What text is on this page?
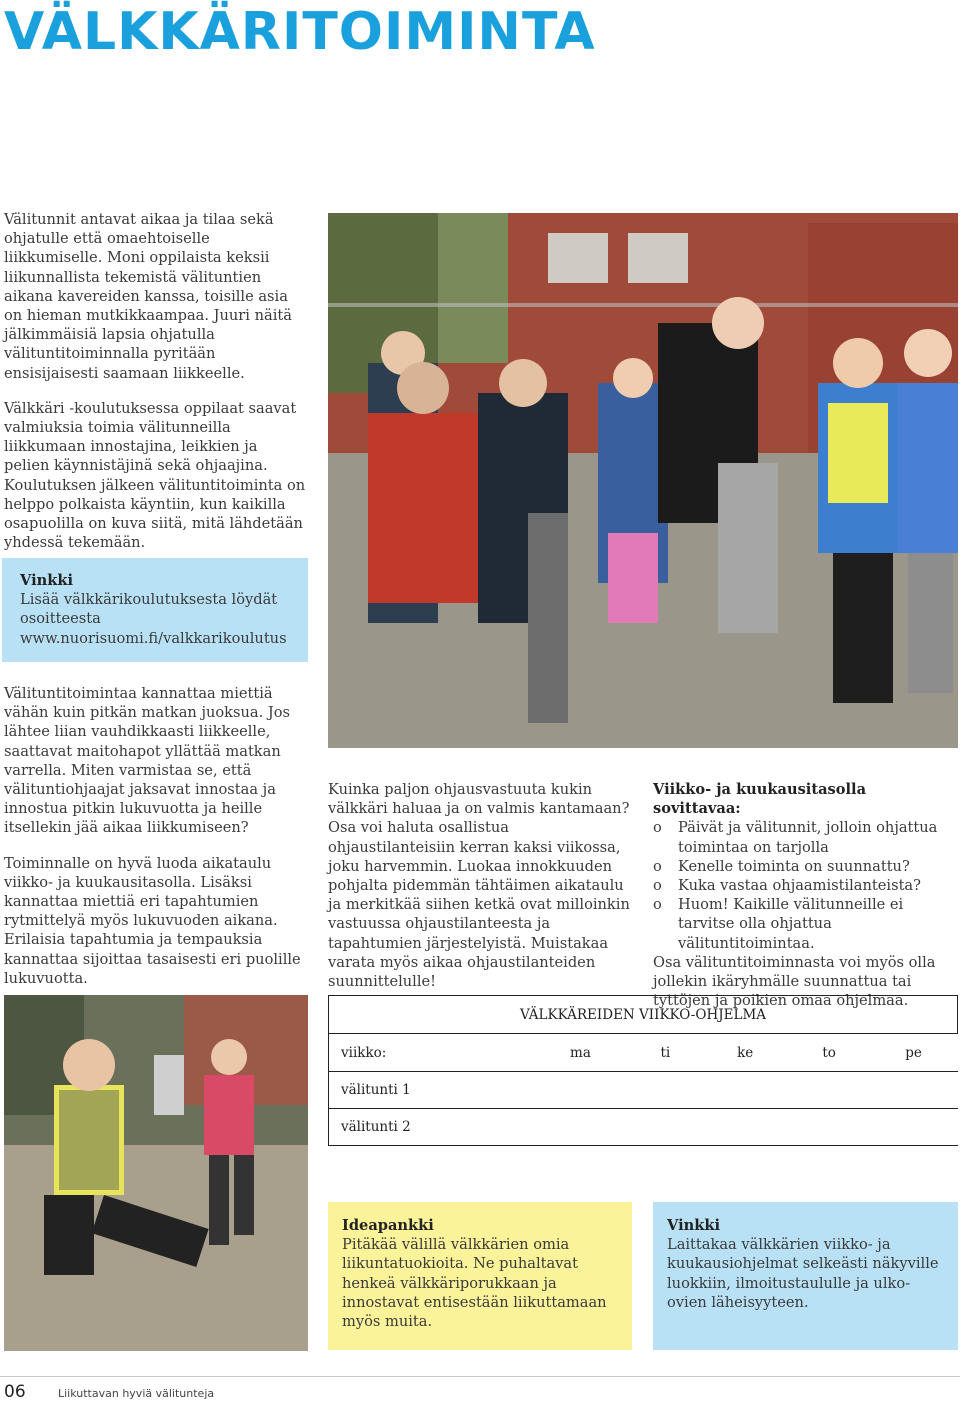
VÄLKKÄRITOIMINTA

Välitunnit antavat aikaa ja tilaa sekä ohjatulle että omaehtoiselle liikkumiselle. Moni oppilaista keksii liikunnallista tekemistä välituntien aikana kavereiden kanssa, toisille asia on hieman mutkikkaampaa. Juuri näitä jälkimmäisiä lapsia ohjatulla välituntitoiminnalla pyritään ensisijaisesti saamaan liikkeelle.

Välkkäri -koulutuksessa oppilaat saavat valmiuksia toimia välitunneilla liikkumaan innostajina, leikkien ja pelien käynnistäjinä sekä ohjaajina. Koulutuksen jälkeen välituntitoiminta on helppo polkaista käyntiin, kun kaikilla osapuolilla on kuva siitä, mitä lähdetään yhdessä tekemään.

Vinkki
Lisää välkkärikoulutuksesta löydät osoitteesta www.nuorisuomi.fi/valkkarikoulutus

Välituntitoimintaa kannattaa miettiä vähän kuin pitkän matkan juoksua. Jos lähtee liian vauhdikkaasti liikkeelle, saattavat maitohapot yllättää matkan varrella. Miten varmistaa se, että välituntiohjaajat jaksavat innostaa ja innostua pitkin lukuvuotta ja heille itsellekin jää aikaa liikkumiseen?

Toiminnalle on hyvä luoda aikataulu viikko- ja kuukausitasolla. Lisäksi kannattaa miettiä eri tapahtumien rytmittelyä myös lukuvuoden aikana. Erilaisia tapahtumia ja tempauksia kannattaa sijoittaa tasaisesti eri puolille lukuvuotta.

Kuinka paljon ohjausvastuuta kukin välkkäri haluaa ja on valmis kantamaan? Osa voi haluta osallistua ohjaustilanteisiin kerran kaksi viikossa, joku harvemmin. Luokaa innokkuuden pohjalta pidemmän tähtäimen aikataulu ja merkitkää siihen ketkä ovat milloinkin vastuussa ohjaustilanteesta ja tapahtumien järjestelyistä. Muistakaa varata myös aikaa ohjaustilanteiden suunnittelulle!

Viikko- ja kuukausitasolla sovittavaa:
o Päivät ja välitunnit, jolloin ohjattua toimintaa on tarjolla
o Kenelle toiminta on suunnattu?
o Kuka vastaa ohjaamistilanteista?
o Huom! Kaikille välitunneille ei tarvitse olla ohjattua välituntitoimintaa.
Osa välituntitoiminnasta voi myös olla jollekin ikäryhmälle suunnattua tai tyttöjen ja poikien omaa ohjelmaa.
VÄLKKÄREIDEN VIIKKO-OHJELMA					
viikko:	ma	ti	ke	to	pe
välitunti 1					
välitunti 2					
Ideapankki
Pitäkää välillä välkkärien omia liikuntatuokioita. Ne puhaltavat henkeä välkkäriporukkaan ja innostavat entisestään liikuttamaan myös muita.
Vinkki
Laittakaa välkkärien viikko- ja kuukausiohjelmat selkeästi näkyville luokkiin, ilmoitustaululle ja ulko-ovien läheisyyteen.
06	Liikuttavan hyviä välitunteja
